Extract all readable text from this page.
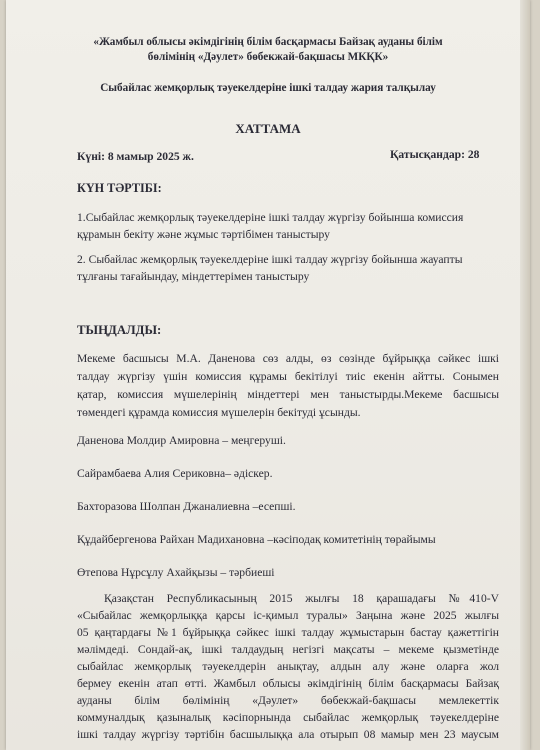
«Жамбыл облысы әкімдігінің білім басқармасы Байзақ ауданы білім
бөлімінің «Дәулет» бөбекжай-бақшасы МКҚК»
Сыбайлас жемқорлық тәуекелдеріне ішкі талдау жария талқылау
ХАТТАМА
Күні: 8 мамыр 2025 ж.	Қатысқандар: 28
КҮН ТӘРТІБІ:
1.Сыбайлас жемқорлық тәуекелдеріне ішкі талдау жүргізу бойынша комиссия
құрамын бекіту және жұмыс тәртібімен таныстыру
2. Сыбайлас жемқорлық тәуекелдеріне ішкі талдау жүргізу бойынша жауапты
тұлғаны тағайындау, міндеттерімен таныстыру
ТЫҢДАЛДЫ:
Мекеме басшысы М.А. Даненова сөз алды, өз сөзінде бұйрыққа сәйкес ішкі
талдау жүргізу үшін комиссия құрамы бекітілуі тиіс екенін айтты. Сонымен
қатар, комиссия мүшелерінің міндеттері мен таныстырды.Мекеме басшысы
төмендегі құрамда комиссия мүшелерін бекітуді ұсынды.
Даненова Молдир Амировна – меңгеруші.
Сайрамбаева Алия Сериковна– әдіскер.
Бахторазова Шолпан Джаналиевна –есепші.
Құдайбергенова Райхан Мадихановна –кәсіподақ комитетінің төрайымы
Өтепова Нұрсұлу Ахайқызы – тәрбиеші
Қазақстан Республикасының 2015 жылғы 18 қарашадағы №410-V
«Сыбайлас жемқорлыққа қарсы іс-қимыл туралы» Заңына және 2025 жылғы
05 қаңтардағы №1 бұйрыққа сәйкес ішкі талдау жұмыстарын бастау қажеттігін
мәлімдеді. Сондай-ақ, ішкі талдаудың негізгі мақсаты – мекеме қызметінде
сыбайлас жемқорлық тәуекелдерін анықтау, алдын алу және оларға жол
бермеу екенін атап өтті. Жамбыл облысы әкімдігінің білім басқармасы Байзақ
ауданы білім бөлімінің «Дәулет» бөбекжай-бақшасы мемлекеттік
коммуналдық қазыналық кәсіпорнында сыбайлас жемқорлық тәуекелдеріне
ішкі талдау жүргізу тәртібін басшылыққа ала отырып 08 мамыр мен 23 маусым
